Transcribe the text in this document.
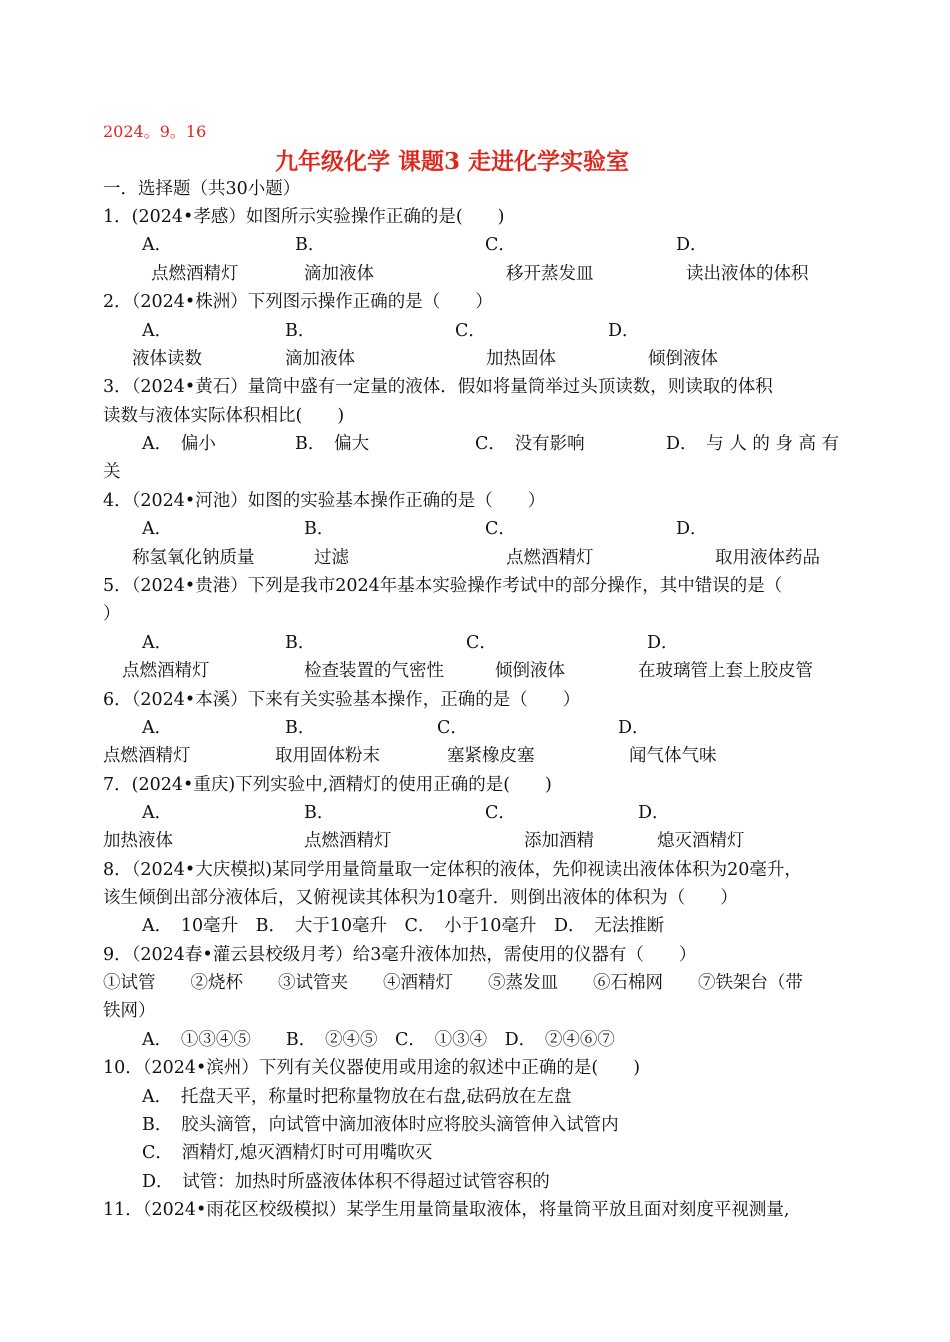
2024。9。16
九年级化学 课题3 走进化学实验室
一．选择题（共30小题）
1．(2024•孝感）如图所示实验操作正确的是(　　)
A．	B．	C．	D．
点燃酒精灯	滴加液体	移开蒸发皿	读出液体的体积
2．（2024•株洲）下列图示操作正确的是（　　）
A．	B．	C．	D．
液体读数	滴加液体	加热固体	倾倒液体
3．（2024•黄石）量筒中盛有一定量的液体．假如将量筒举过头顶读数，则读取的体积
读数与液体实际体积相比(　　)
A．　偏小	B．　偏大	C．　没有影响	D．　与 人 的 身 高 有
关
4．（2024•河池）如图的实验基本操作正确的是（　　）
A．	B．	C．	D．
称氢氧化钠质量	过滤	点燃酒精灯	取用液体药品
5．（2024•贵港）下列是我市2024年基本实验操作考试中的部分操作，其中错误的是（
）
A．	B．	C．	D．
点燃酒精灯	检查装置的气密性	倾倒液体	在玻璃管上套上胶皮管
6．（2024•本溪）下来有关实验基本操作，正确的是（　　）
A．	B．	C．	D．
点燃酒精灯	取用固体粉末	塞紧橡皮塞	闻气体气味
7．(2024•重庆)下列实验中,酒精灯的使用正确的是(　　)
A．	B．	C．	D．
加热液体	点燃酒精灯	添加酒精	熄灭酒精灯
8．（2024•大庆模拟)某同学用量筒量取一定体积的液体，先仰视读出液体体积为20毫升，
该生倾倒出部分液体后，又俯视读其体积为10毫升．则倒出液体的体积为（　　）
A．　10毫升　B．　大于10毫升　C．　小于10毫升　D．　无法推断
9．（2024春•灌云县校级月考）给3毫升液体加热，需使用的仪器有（　　）
①试管　　②烧杯　　③试管夹　　④酒精灯　　⑤蒸发皿　　⑥石棉网　　⑦铁架台（带
铁网）
A．　①③④⑤　　B．　②④⑤　C．　①③④　D．　②④⑥⑦
10．（2024•滨州）下列有关仪器使用或用途的叙述中正确的是(　　)
A．　托盘天平，称量时把称量物放在右盘,砝码放在左盘
B．　胶头滴管，向试管中滴加液体时应将胶头滴管伸入试管内
C．　酒精灯,熄灭酒精灯时可用嘴吹灭
D．　试管：加热时所盛液体体积不得超过试管容积的
11．（2024•雨花区校级模拟）某学生用量筒量取液体，将量筒平放且面对刻度平视测量,
